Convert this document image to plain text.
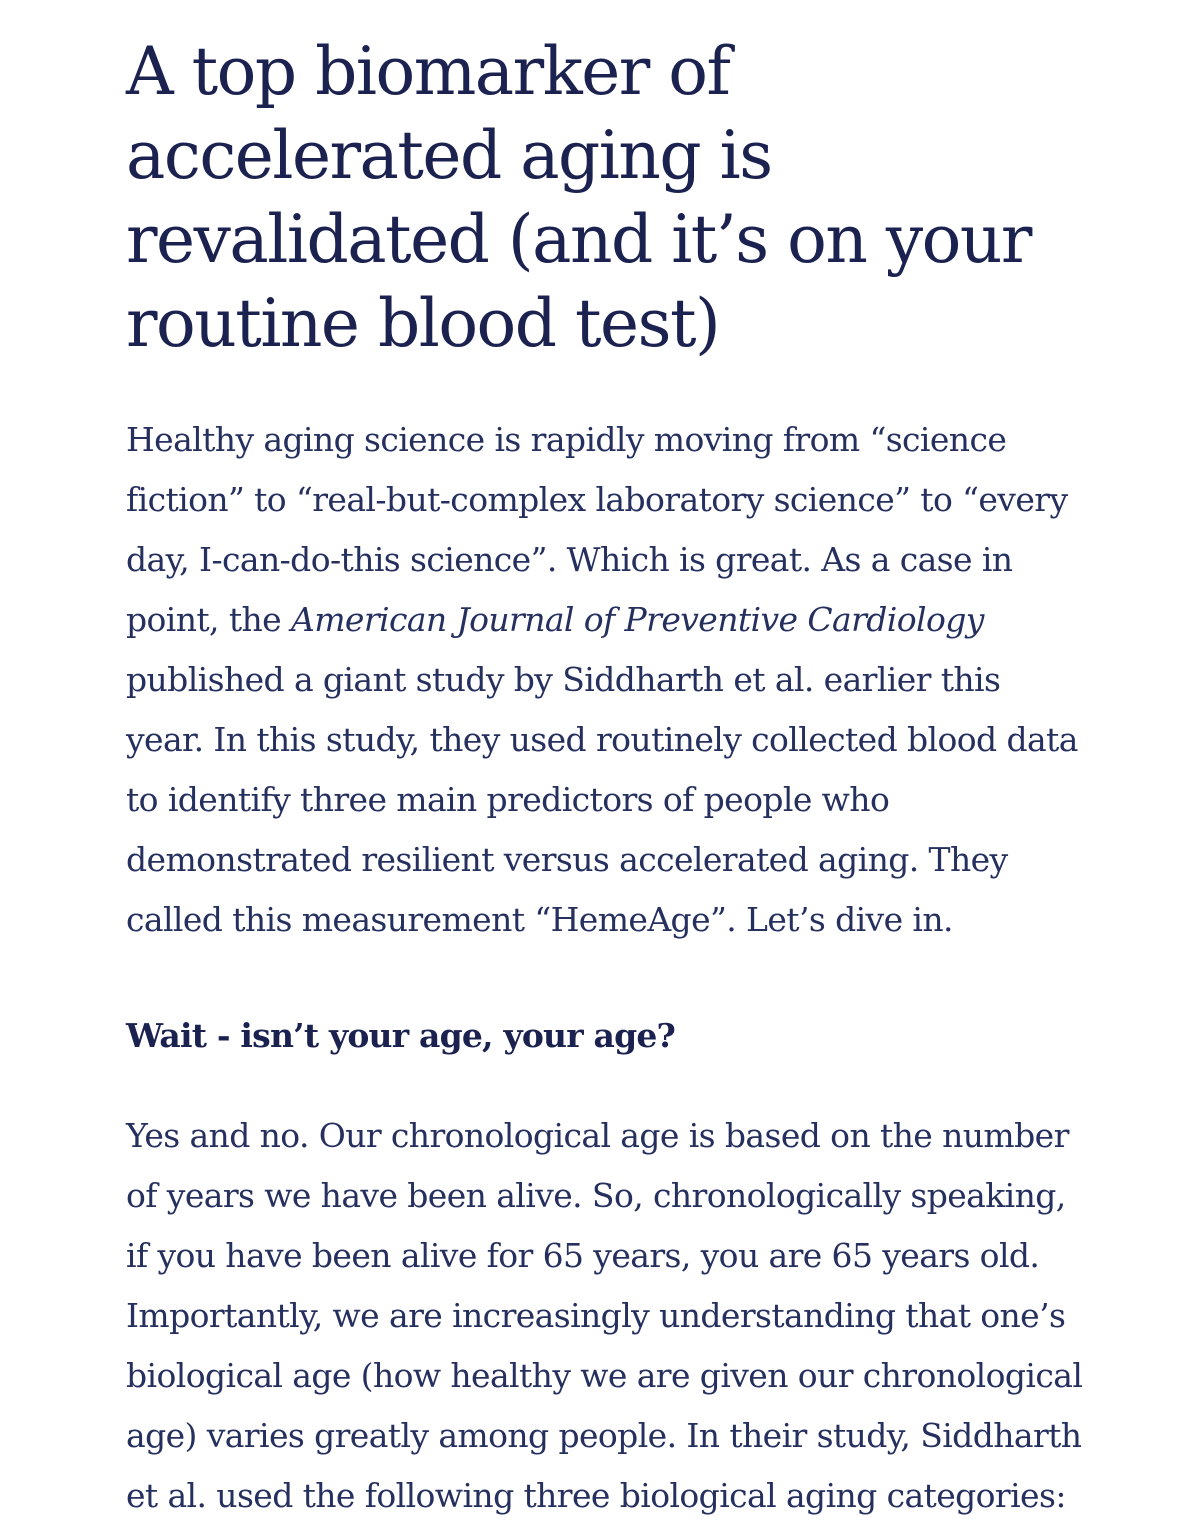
A top biomarker of accelerated aging is revalidated (and it’s on your routine blood test)

Healthy aging science is rapidly moving from “science fiction” to “real-but-complex laboratory science” to “every day, I-can-do-this science”. Which is great. As a case in point, the American Journal of Preventive Cardiology published a giant study by Siddharth et al. earlier this year. In this study, they used routinely collected blood data to identify three main predictors of people who demonstrated resilient versus accelerated aging. They called this measurement “HemeAge”. Let’s dive in.

Wait - isn’t your age, your age?

Yes and no. Our chronological age is based on the number of years we have been alive. So, chronologically speaking, if you have been alive for 65 years, you are 65 years old. Importantly, we are increasingly understanding that one’s biological age (how healthy we are given our chronological age) varies greatly among people. In their study, Siddharth et al. used the following three biological aging categories:
